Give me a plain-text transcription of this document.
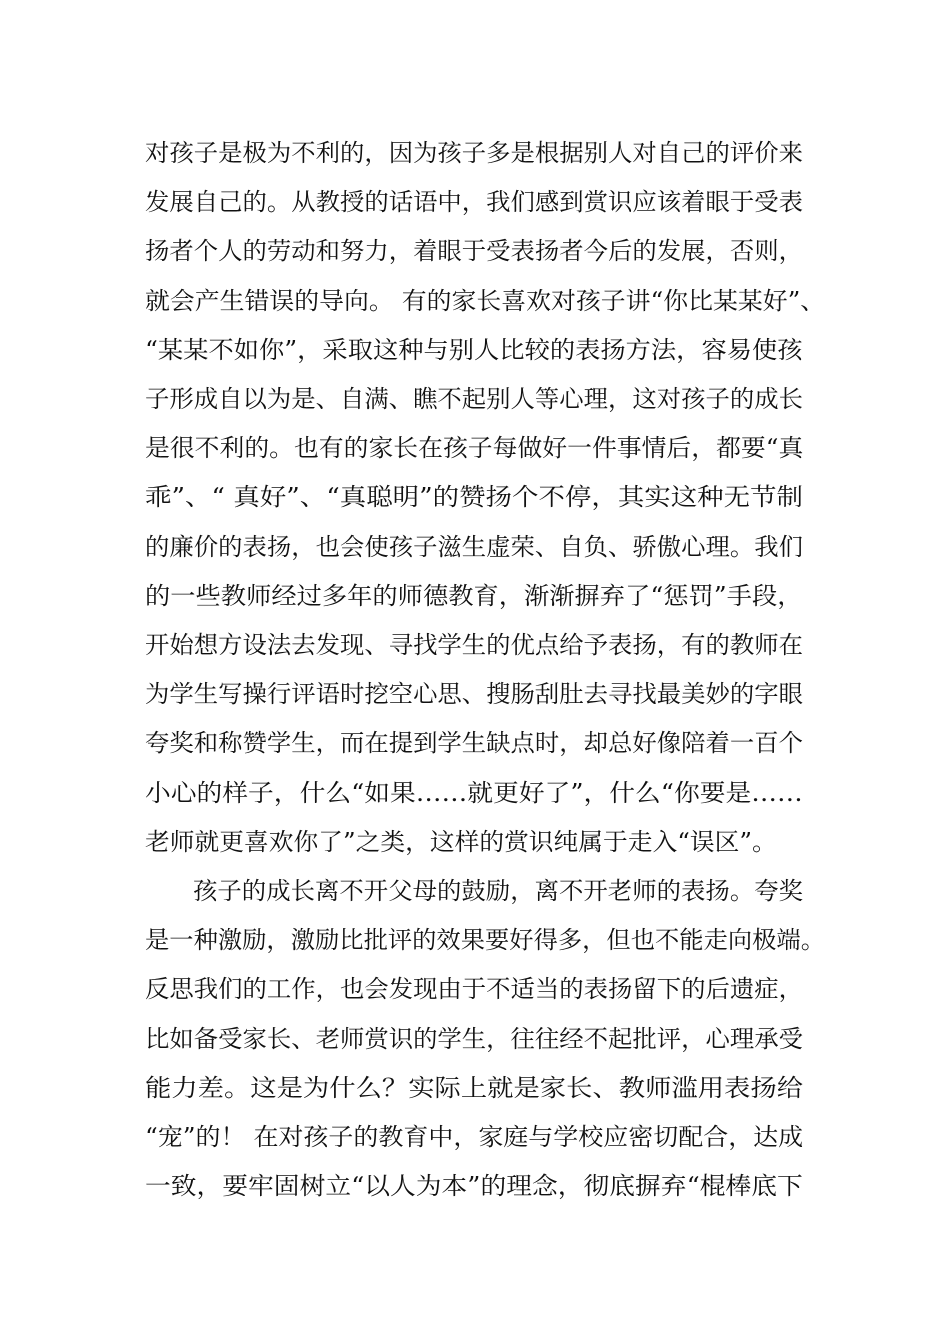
对孩子是极为不利的，因为孩子多是根据别人对自己的评价来
发展自己的。从教授的话语中，我们感到赏识应该着眼于受表
扬者个人的劳动和努力，着眼于受表扬者今后的发展，否则，
就会产生错误的导向。 有的家长喜欢对孩子讲“你比某某好”、
“某某不如你”，采取这种与别人比较的表扬方法，容易使孩
子形成自以为是、自满、瞧不起别人等心理，这对孩子的成长
是很不利的。也有的家长在孩子每做好一件事情后，都要“真
乖”、“ 真好”、“真聪明”的赞扬个不停，其实这种无节制
的廉价的表扬，也会使孩子滋生虚荣、自负、骄傲心理。我们
的一些教师经过多年的师德教育，渐渐摒弃了“惩罚”手段，
开始想方设法去发现、寻找学生的优点给予表扬，有的教师在
为学生写操行评语时挖空心思、搜肠刮肚去寻找最美妙的字眼
夸奖和称赞学生，而在提到学生缺点时，却总好像陪着一百个
小心的样子，什么“如果……就更好了”，什么“你要是……
老师就更喜欢你了”之类，这样的赏识纯属于走入“误区”。
孩子的成长离不开父母的鼓励，离不开老师的表扬。夸奖
是一种激励，激励比批评的效果要好得多，但也不能走向极端。
反思我们的工作，也会发现由于不适当的表扬留下的后遗症，
比如备受家长、老师赏识的学生，往往经不起批评，心理承受
能力差。这是为什么？实际上就是家长、教师滥用表扬给
“宠”的！ 在对孩子的教育中，家庭与学校应密切配合，达成
一致，要牢固树立“以人为本”的理念，彻底摒弃“棍棒底下
